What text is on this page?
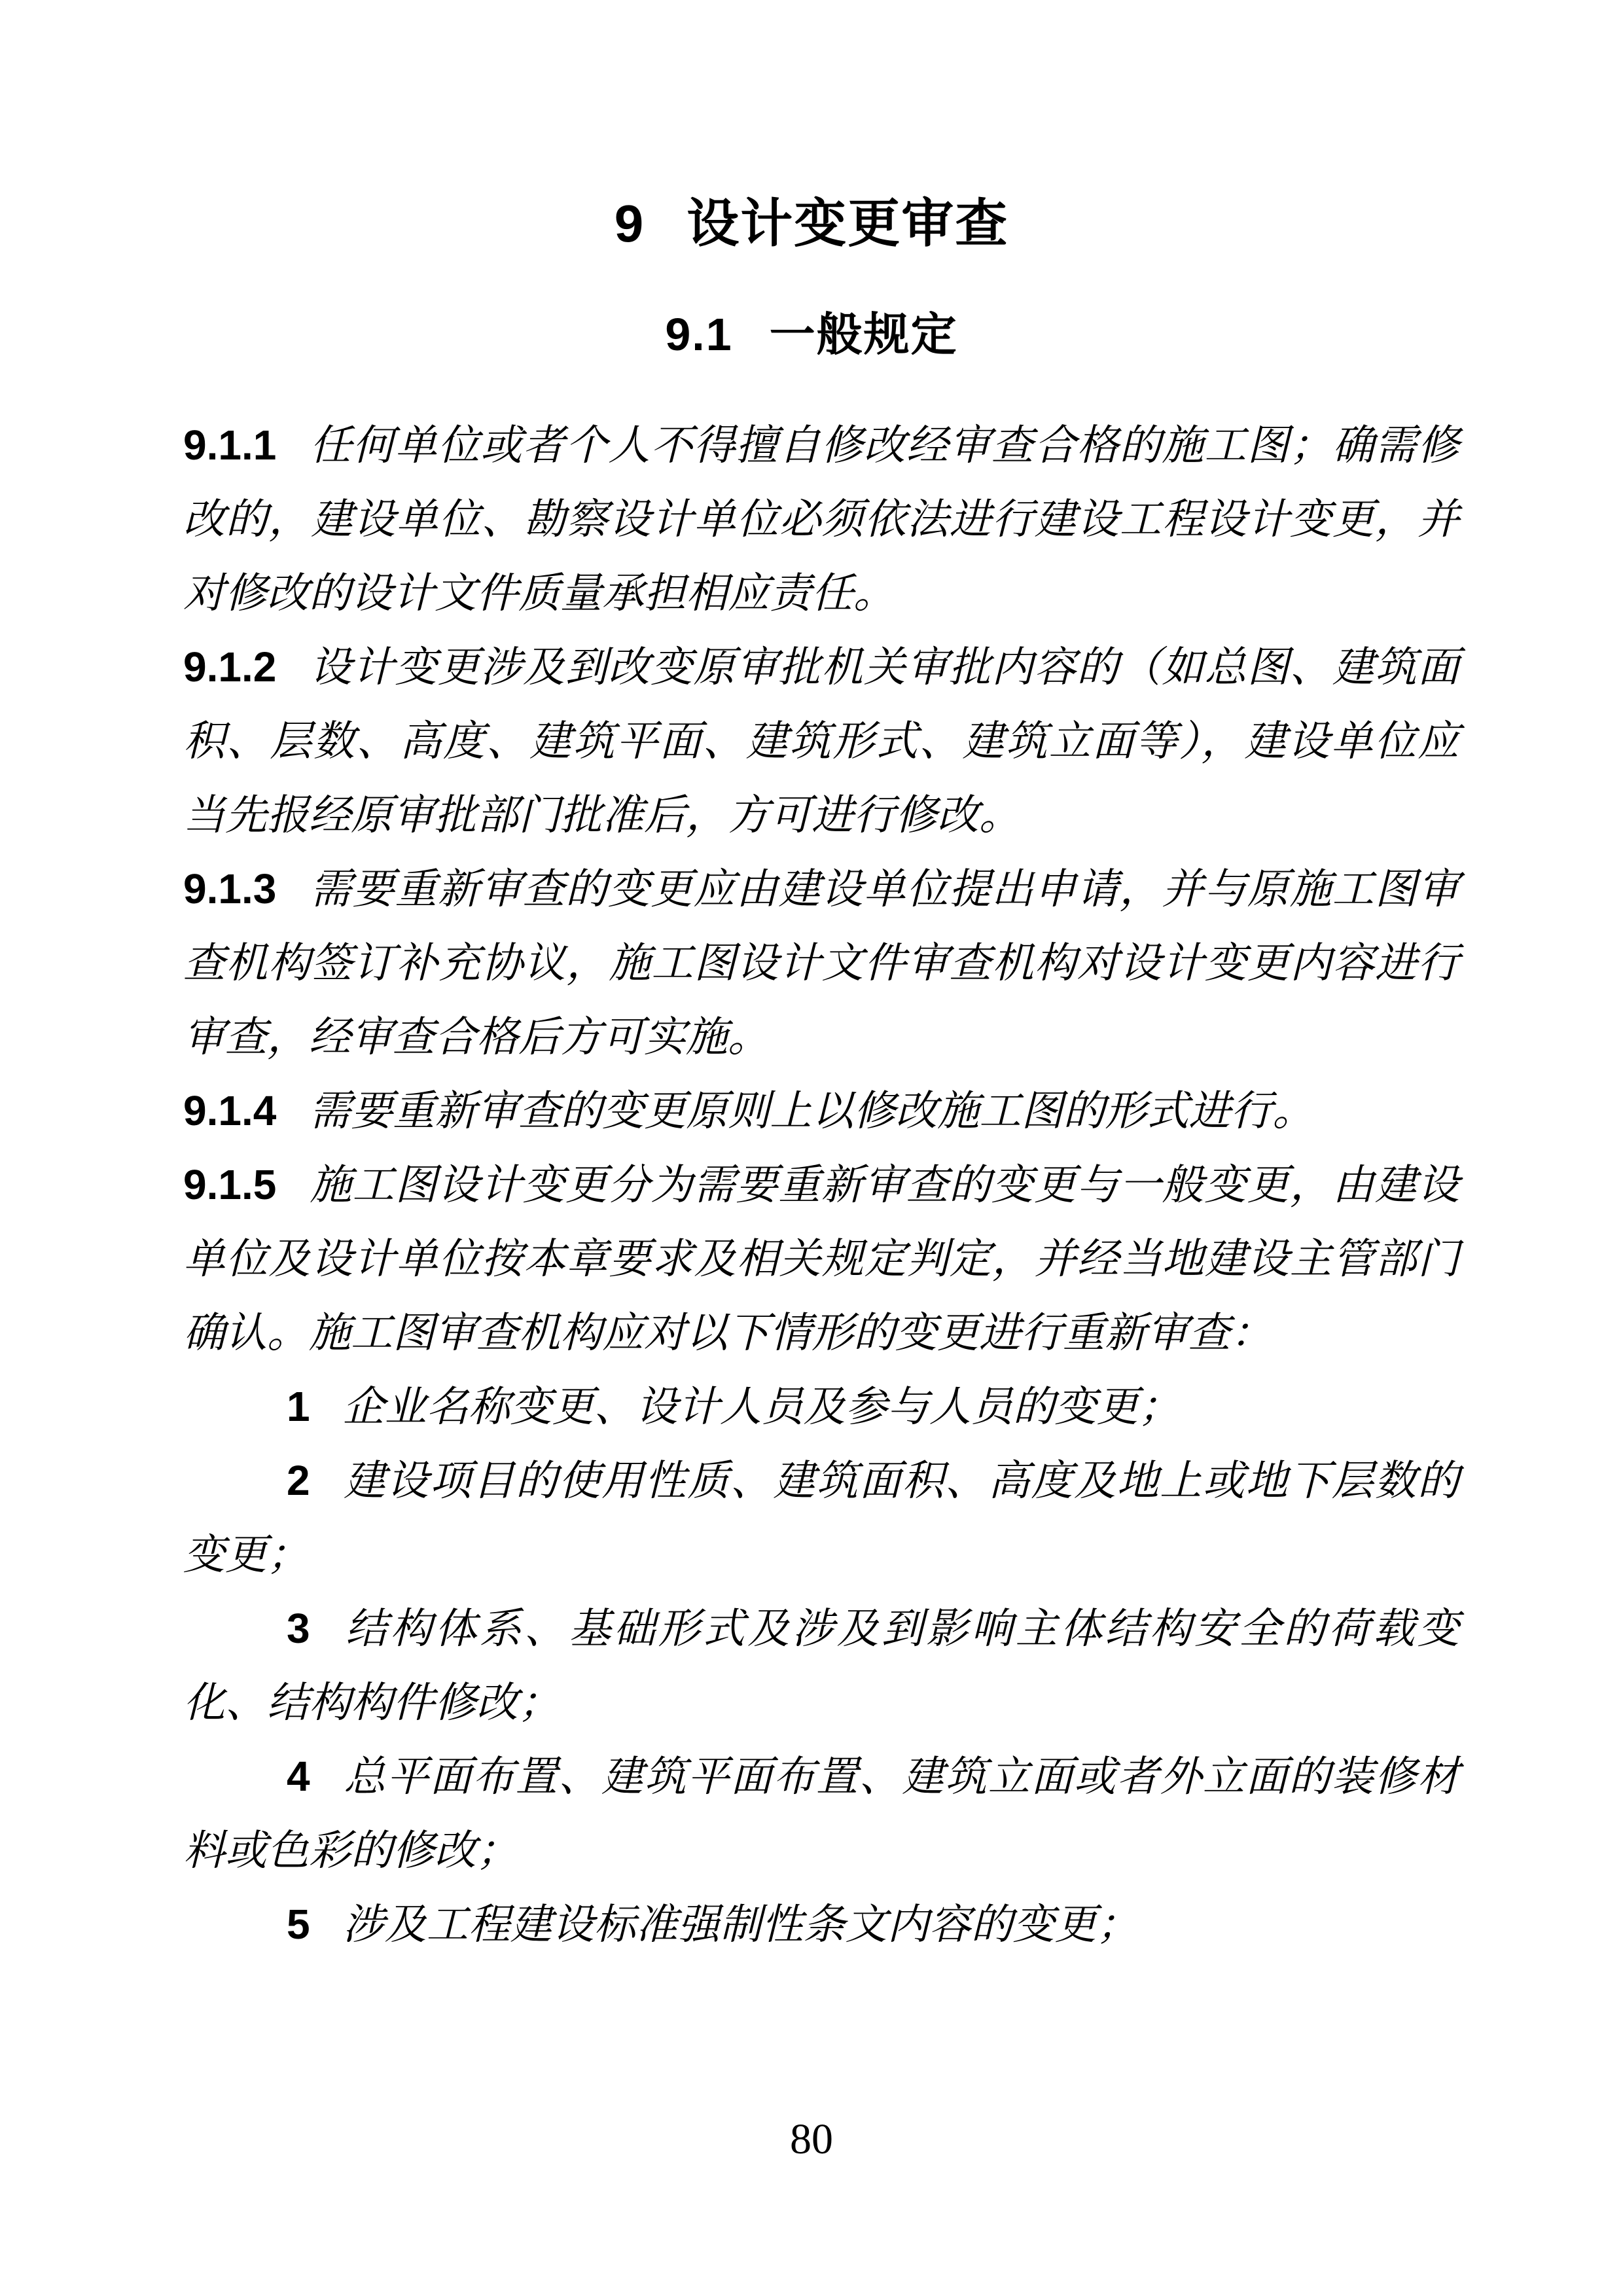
9 设计变更审查
9.1 一般规定

9.1.1 任何单位或者个人不得擅自修改经审查合格的施工图；确需修改的，建设单位、勘察设计单位必须依法进行建设工程设计变更，并对修改的设计文件质量承担相应责任。

9.1.2 设计变更涉及到改变原审批机关审批内容的（如总图、建筑面积、层数、高度、建筑平面、建筑形式、建筑立面等），建设单位应当先报经原审批部门批准后，方可进行修改。

9.1.3 需要重新审查的变更应由建设单位提出申请，并与原施工图审查机构签订补充协议，施工图设计文件审查机构对设计变更内容进行审查，经审查合格后方可实施。

9.1.4 需要重新审查的变更原则上以修改施工图的形式进行。

9.1.5 施工图设计变更分为需要重新审查的变更与一般变更，由建设单位及设计单位按本章要求及相关规定判定，并经当地建设主管部门确认。施工图审查机构应对以下情形的变更进行重新审查：

1 企业名称变更、设计人员及参与人员的变更；

2 建设项目的使用性质、建筑面积、高度及地上或地下层数的变更；

3 结构体系、基础形式及涉及到影响主体结构安全的荷载变化、结构构件修改；

4 总平面布置、建筑平面布置、建筑立面或者外立面的装修材料或色彩的修改；

5 涉及工程建设标准强制性条文内容的变更；

80
